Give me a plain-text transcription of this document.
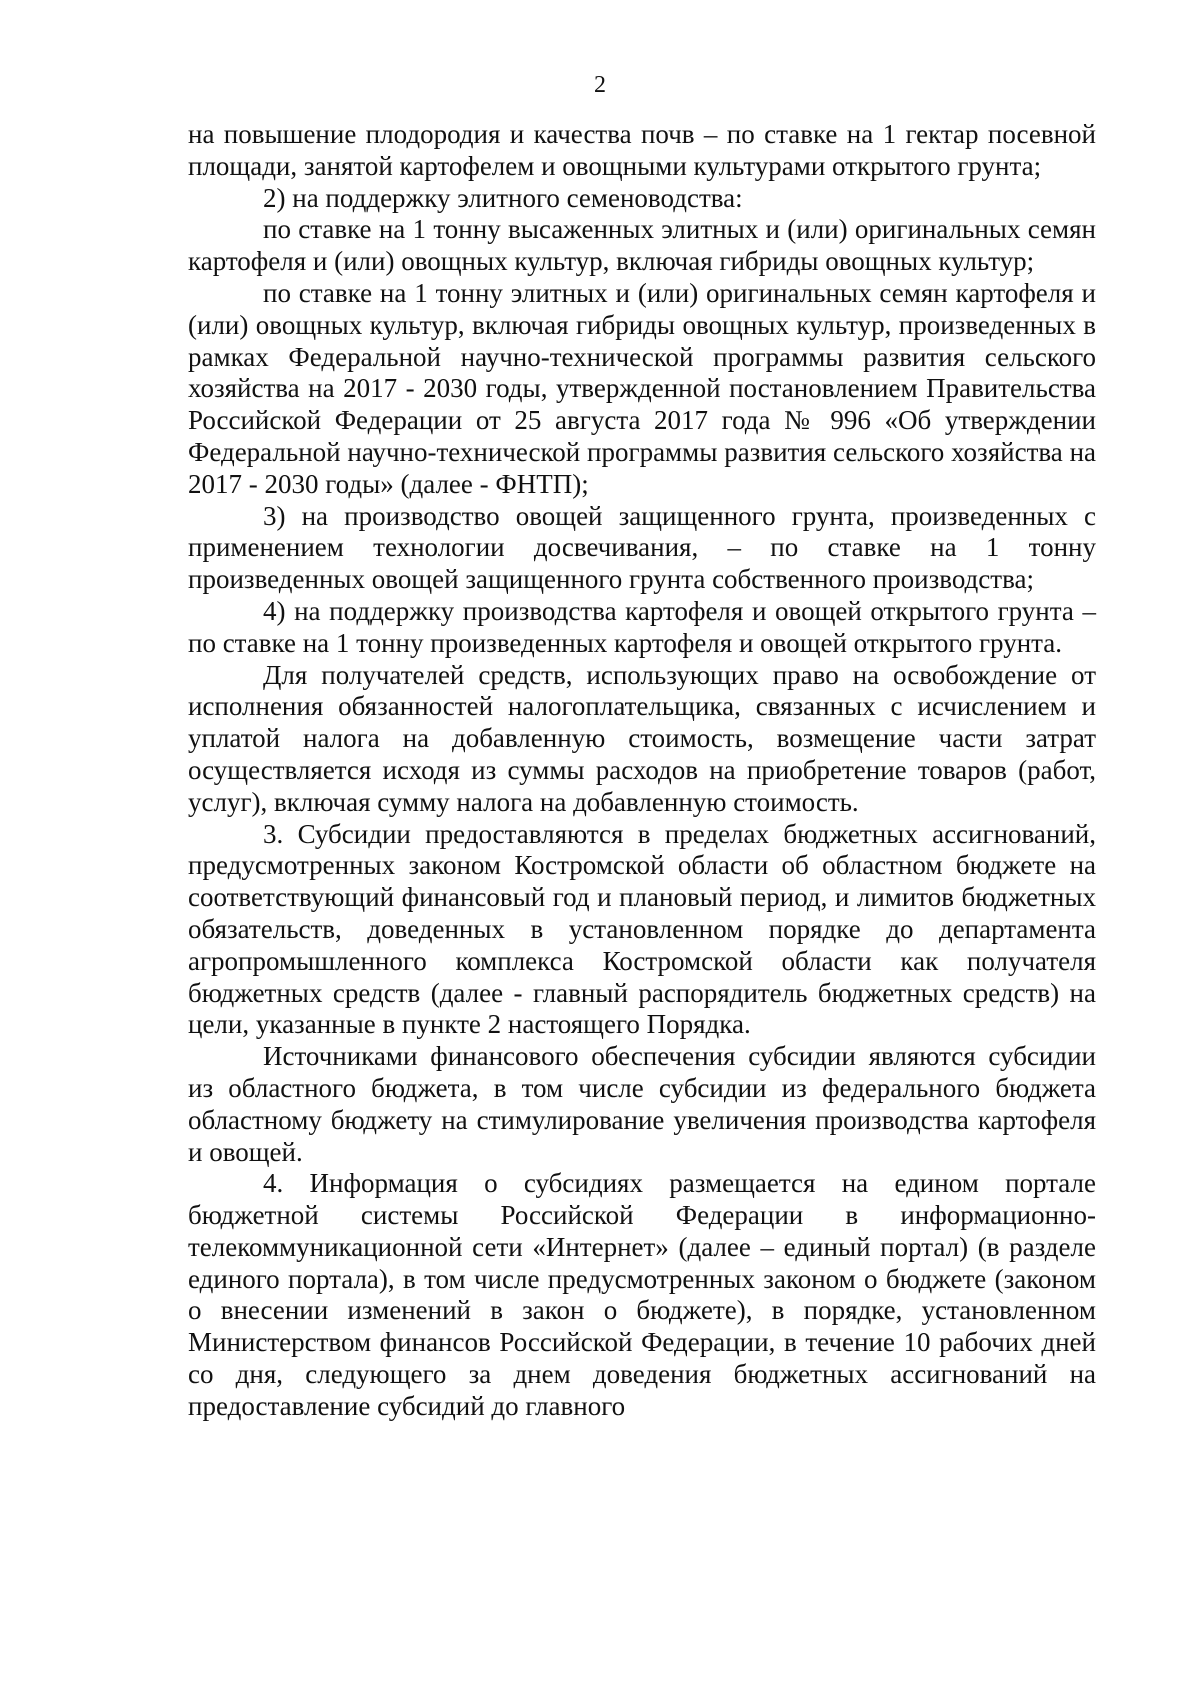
2

на повышение плодородия и качества почв – по ставке на 1 гектар посевной площади, занятой картофелем и овощными культурами открытого грунта;

2) на поддержку элитного семеноводства:

по ставке на 1 тонну высаженных элитных и (или) оригинальных семян картофеля и (или) овощных культур, включая гибриды овощных культур;

по ставке на 1 тонну элитных и (или) оригинальных семян картофеля и (или) овощных культур, включая гибриды овощных культур, произведенных в рамках Федеральной научно-технической программы развития сельского хозяйства на 2017 - 2030 годы, утвержденной постановлением Правительства Российской Федерации от 25 августа 2017 года № 996 «Об утверждении Федеральной научно-технической программы развития сельского хозяйства на 2017 - 2030 годы» (далее - ФНТП);

3) на производство овощей защищенного грунта, произведенных с применением технологии досвечивания, – по ставке на 1 тонну произведенных овощей защищенного грунта собственного производства;

4) на поддержку производства картофеля и овощей открытого грунта – по ставке на 1 тонну произведенных картофеля и овощей открытого грунта.

Для получателей средств, использующих право на освобождение от исполнения обязанностей налогоплательщика, связанных с исчислением и уплатой налога на добавленную стоимость, возмещение части затрат осуществляется исходя из суммы расходов на приобретение товаров (работ, услуг), включая сумму налога на добавленную стоимость.

3. Субсидии предоставляются в пределах бюджетных ассигнований, предусмотренных законом Костромской области об областном бюджете на соответствующий финансовый год и плановый период, и лимитов бюджетных обязательств, доведенных в установленном порядке до департамента агропромышленного комплекса Костромской области как получателя бюджетных средств (далее - главный распорядитель бюджетных средств) на цели, указанные в пункте 2 настоящего Порядка.

Источниками финансового обеспечения субсидии являются субсидии из областного бюджета, в том числе субсидии из федерального бюджета областному бюджету на стимулирование увеличения производства картофеля и овощей.

4. Информация о субсидиях размещается на едином портале бюджетной системы Российской Федерации в информационно-телекоммуникационной сети «Интернет» (далее – единый портал) (в разделе единого портала), в том числе предусмотренных законом о бюджете (законом о внесении изменений в закон о бюджете), в порядке, установленном Министерством финансов Российской Федерации, в течение 10 рабочих дней со дня, следующего за днем доведения бюджетных ассигнований на предоставление субсидий до главного
